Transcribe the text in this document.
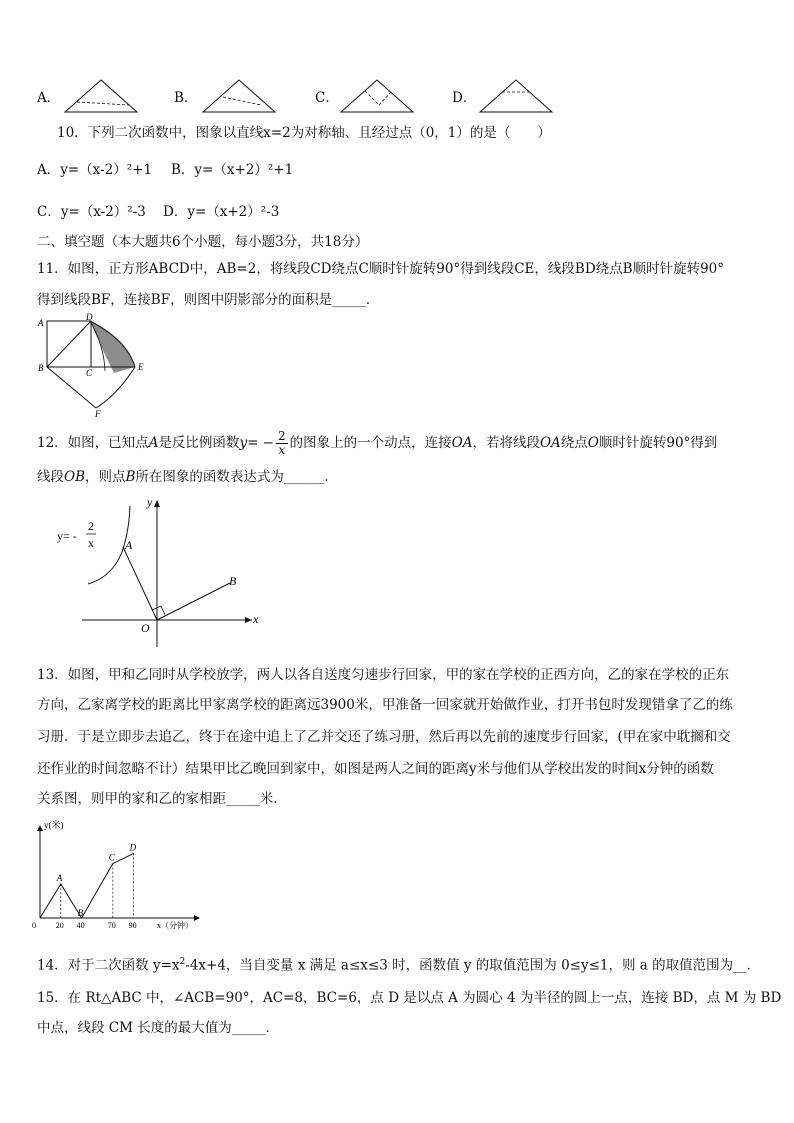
A．	B．	C．	D．
10．下列二次函数中，图象以直线x=2为对称轴、且经过点（0，1）的是（　　）
A．y=（x-2）²+1 B．y=（x+2）²+1
C．y=（x-2）²-3 D．y=（x+2）²-3
二、填空题（本大题共6个小题，每小题3分，共18分）
11．如图，正方形ABCD中，AB=2，将线段CD绕点C顺时针旋转90°得到线段CE，线段BD绕点B顺时针旋转90°
得到线段BF，连接BF，则图中阴影部分的面积是_____．
A
D
B	C
E
F
12．如图，已知点A是反比例函数$y= - \frac{2}{x}$ 的图象上的一个动点，连接OA，若将线段OA绕点O顺时针旋转90°得到
线段OB，则点B所在图象的函数表达式为______．
y= -
2
x	A
B
O
x
y
13．如图，甲和乙同时从学校放学，两人以各自送度匀速步行回家，甲的家在学校的正西方向，乙的家在学校的正东
方向，乙家离学校的距离比甲家离学校的距离远3900米，甲准备一回家就开始做作业，打开书包时发现错拿了乙的练
习册．于是立即步去追乙，终于在途中追上了乙并交还了练习册，然后再以先前的速度步行回家，(甲在家中耽搁和交
还作业的时间忽略不计）结果甲比乙晚回到家中，如图是两人之间的距离y米与他们从学校出发的时间x分钟的函数
关系图，则甲的家和乙的家相距_____米．
y(米)
x（分钟）
0 20
A
40
B
70
C
90
D
14．对于二次函数 $y=x^2-4x+4$，当自变量 x 满足 a≤x≤3 时，函数值 y 的取值范围为 0≤y≤1，则 a 的取值范围为__．
15．在 Rt△ABC 中，∠ACB=90°，AC=8，BC=6，点 D 是以点 A 为圆心 4 为半径的圆上一点，连接 BD，点 M 为 BD
中点，线段 CM 长度的最大值为_____．
